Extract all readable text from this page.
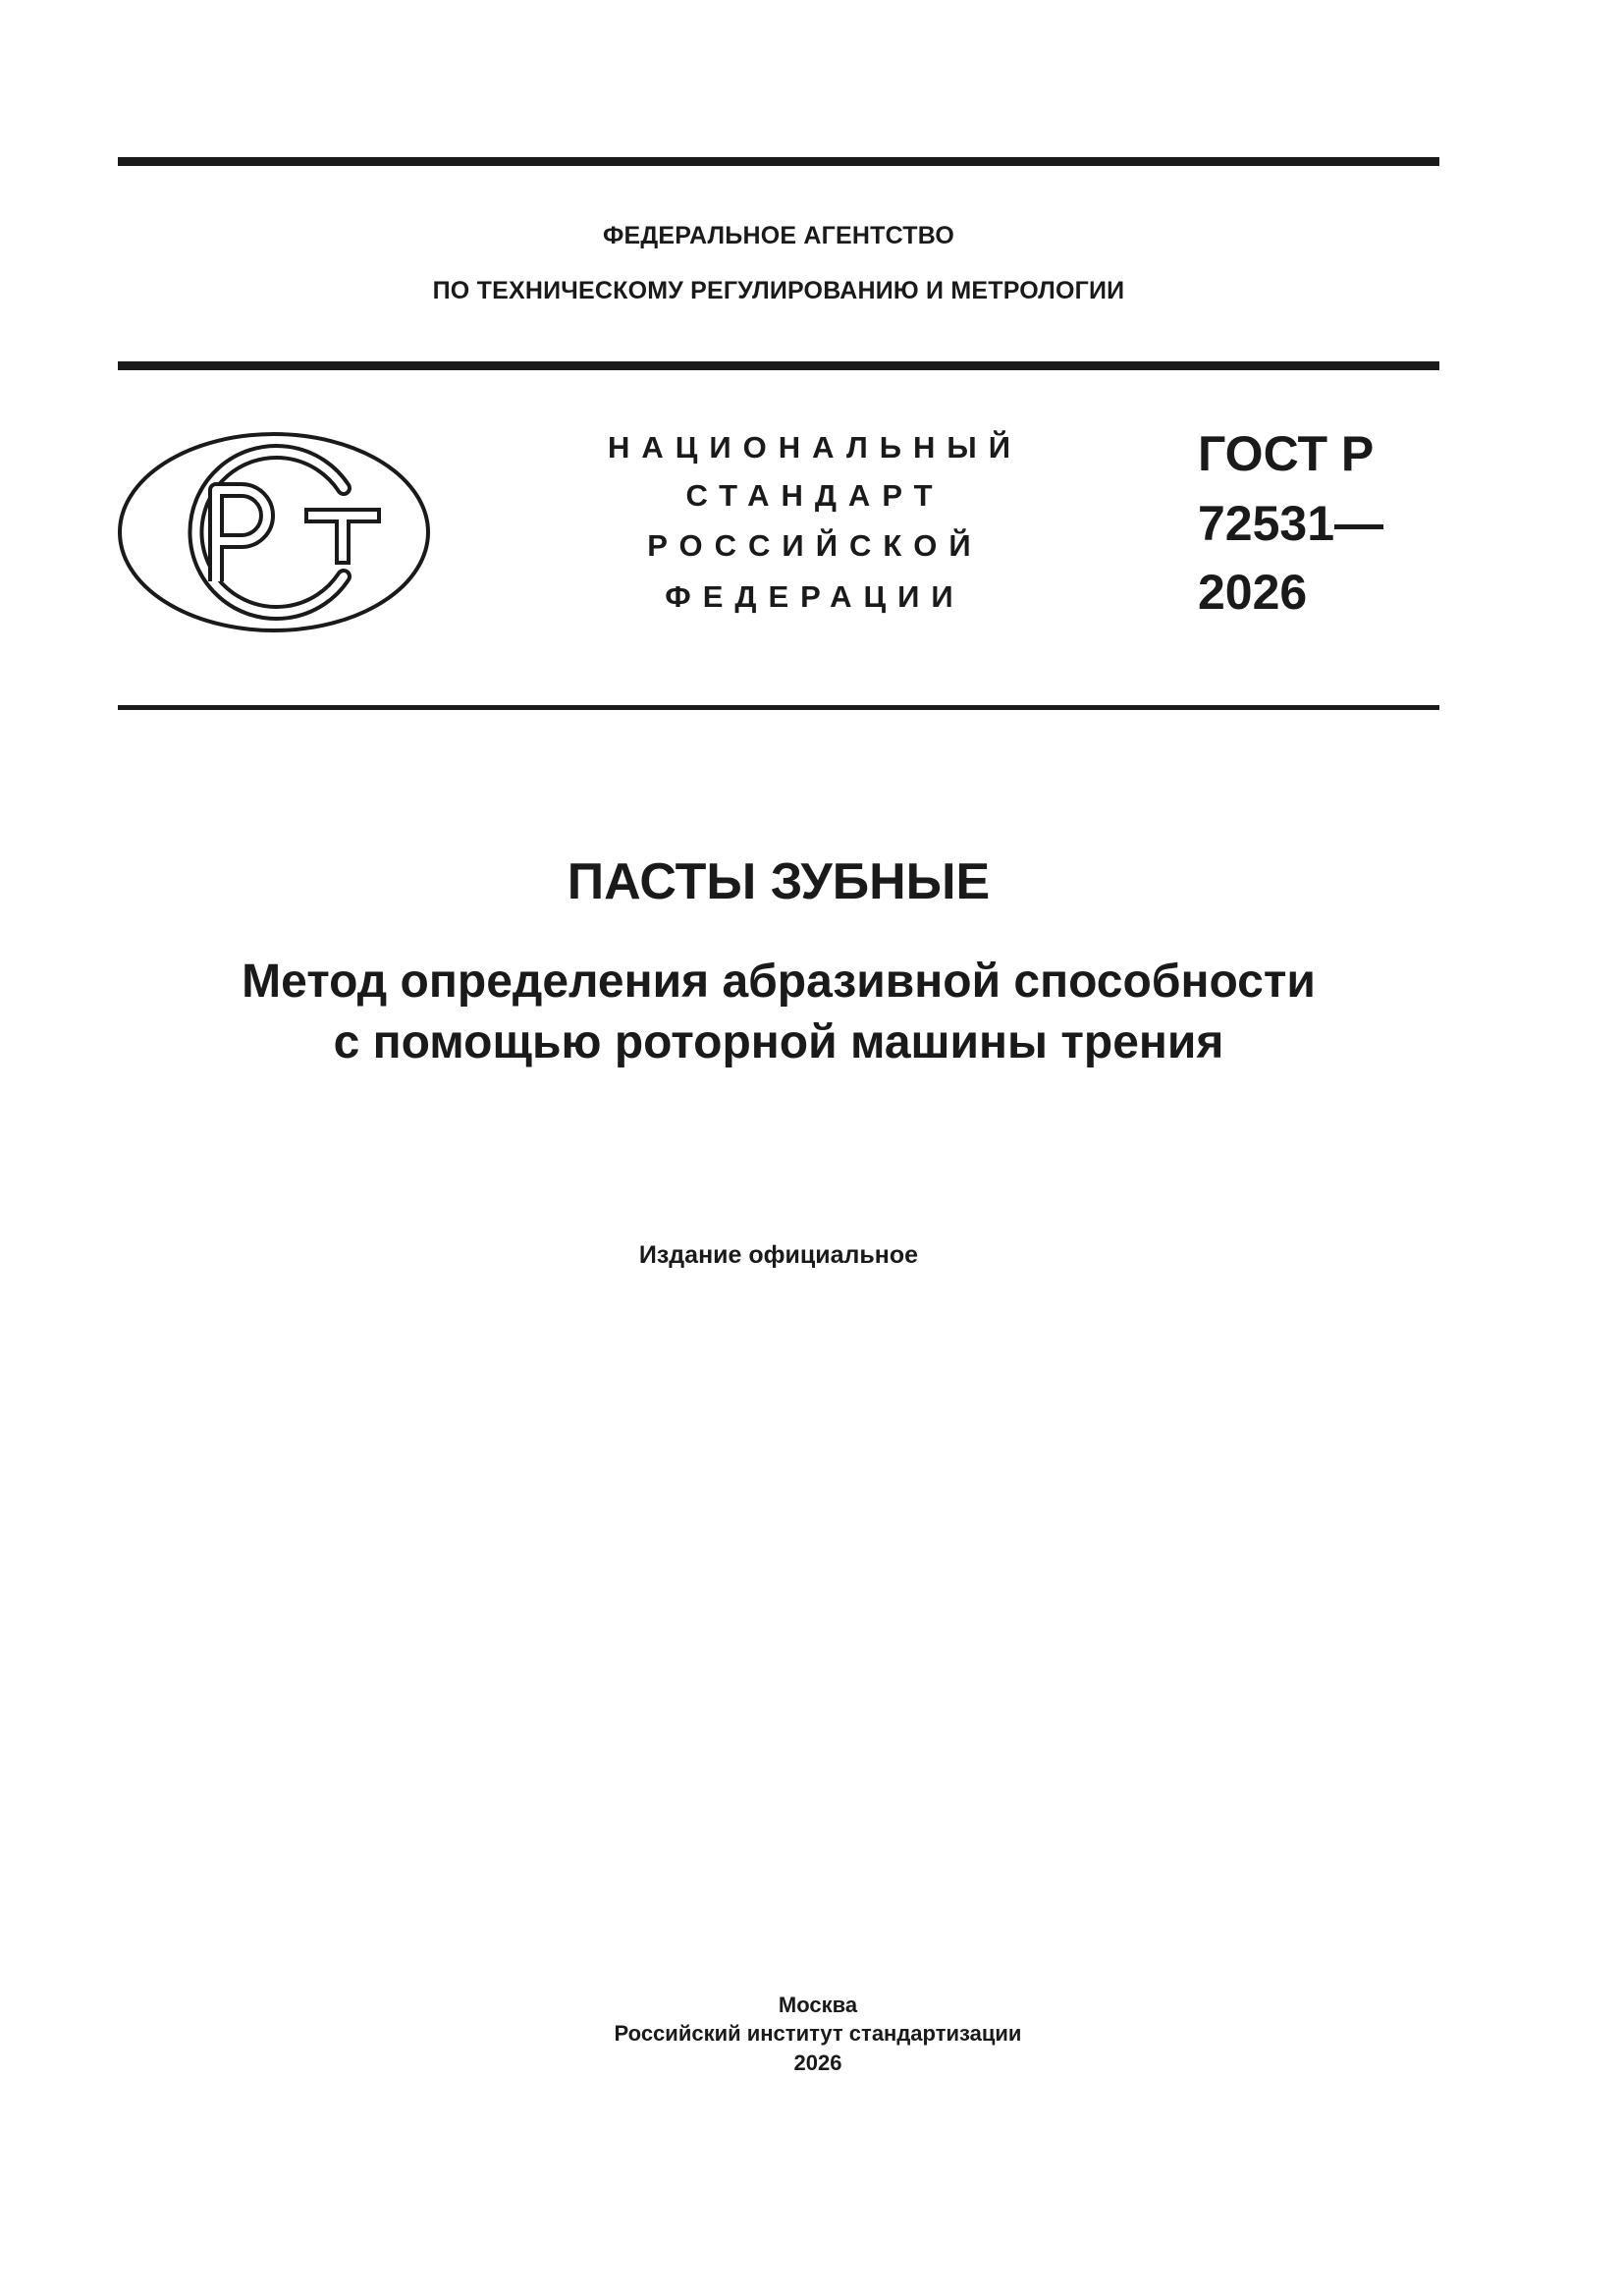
ФЕДЕРАЛЬНОЕ АГЕНТСТВО
ПО ТЕХНИЧЕСКОМУ РЕГУЛИРОВАНИЮ И МЕТРОЛОГИИ
НАЦИОНАЛЬНЫЙ
СТАНДАРТ
РОССИЙСКОЙ
ФЕДЕРАЦИИ
ГОСТ Р
72531—
2026
ПАСТЫ ЗУБНЫЕ
Метод определения абразивной способности
с помощью роторной машины трения
Издание официальное
Москва
Российский институт стандартизации
2026
